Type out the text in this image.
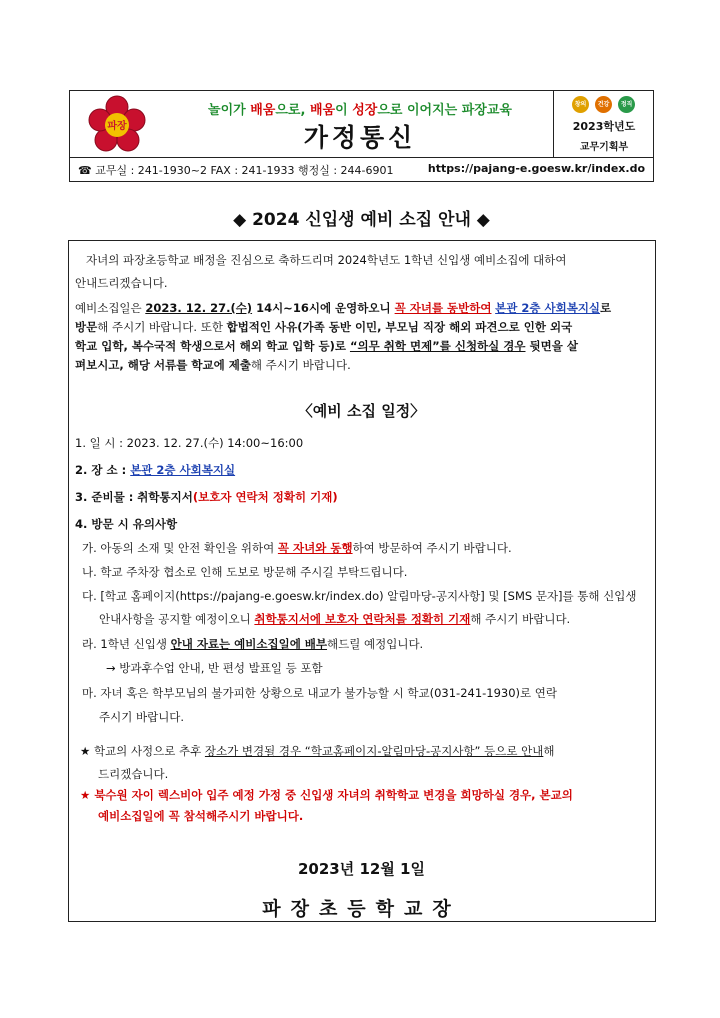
파장
놀이가 배움으로, 배움이 성장으로 이어지는 파장교육
가정통신
창의	건강	정직
2023학년도
교무기획부
☎ 교무실 : 241-1930~2 FAX : 241-1933 행정실 : 244-6901	https://pajang-e.goesw.kr/index.do
◆ 2024 신입생 예비 소집 안내 ◆
자녀의 파장초등학교 배정을 진심으로 축하드리며 2024학년도 1학년 신입생 예비소집에 대하여
안내드리겠습니다.
예비소집일은 2023. 12. 27.(수) 14시~16시에 운영하오니 꼭 자녀를 동반하여 본관 2층 사회복지실로
방문해 주시기 바랍니다. 또한 합법적인 사유(가족 동반 이민, 부모님 직장 해외 파견으로 인한 외국
학교 입학, 복수국적 학생으로서 해외 학교 입학 등)로 “의무 취학 면제”를 신청하실 경우 뒷면을 살
펴보시고, 해당 서류를 학교에 제출해 주시기 바랍니다.
〈예비 소집 일정〉
1. 일 시 : 2023. 12. 27.(수) 14:00~16:00
2. 장 소 : 본관 2층 사회복지실
3. 준비물 : 취학통지서(보호자 연락처 정확히 기재)
4. 방문 시 유의사항
가. 아동의 소재 및 안전 확인을 위하여 꼭 자녀와 동행하여 방문하여 주시기 바랍니다.
나. 학교 주차장 협소로 인해 도보로 방문해 주시길 부탁드립니다.
다. [학교 홈페이지(https://pajang-e.goesw.kr/index.do) 알림마당-공지사항] 및 [SMS 문자]를 통해 신입생
안내사항을 공지할 예정이오니 취학통지서에 보호자 연락처를 정확히 기재해 주시기 바랍니다.
라. 1학년 신입생 안내 자료는 예비소집일에 배부해드릴 예정입니다.
→ 방과후수업 안내, 반 편성 발표일 등 포함
마. 자녀 혹은 학부모님의 불가피한 상황으로 내교가 불가능할 시 학교(031-241-1930)로 연락
주시기 바랍니다.
★ 학교의 사정으로 추후 장소가 변경될 경우 “학교홈페이지-알림마당-공지사항” 등으로 안내해
드리겠습니다.
★ 북수원 자이 렉스비아 입주 예정 가정 중 신입생 자녀의 취학학교 변경을 희망하실 경우, 본교의
예비소집일에 꼭 참석해주시기 바랍니다.
2023년 12월 1일
파장초등학교장
